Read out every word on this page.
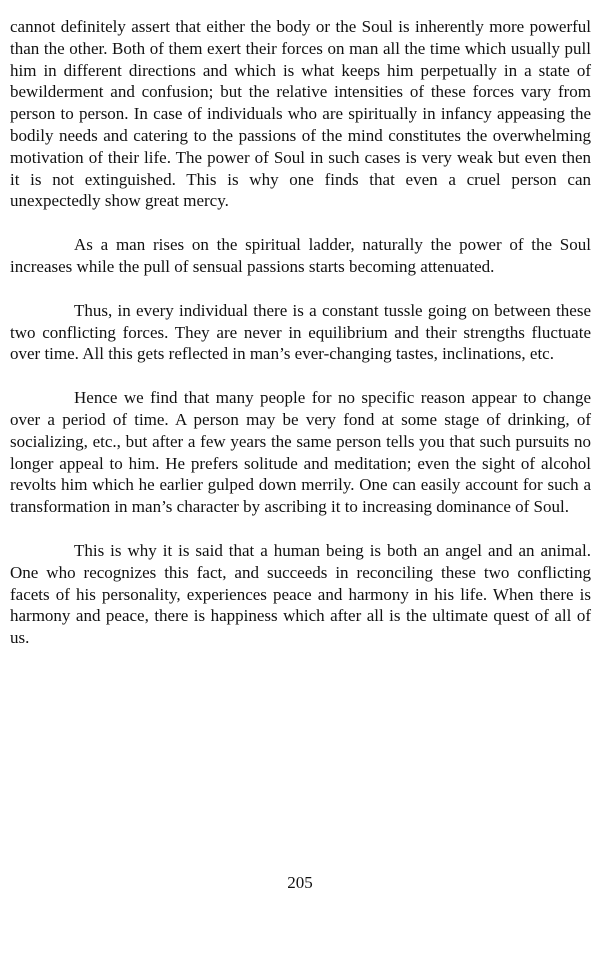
cannot definitely assert that either the body or the Soul is inherently more powerful than the other. Both of them exert their forces on man all the time which usually pull him in different directions and which is what keeps him perpetually in a state of bewilderment and confusion; but the relative intensities of these forces vary from person to person. In case of individuals who are spiritually in infancy appeasing the bodily needs and catering to the passions of the mind constitutes the overwhelming motivation of their life. The power of Soul in such cases is very weak but even then it is not extinguished. This is why one finds that even a cruel person can unexpectedly show great mercy.

As a man rises on the spiritual ladder, naturally the power of the Soul increases while the pull of sensual passions starts becoming attenuated.

Thus, in every individual there is a constant tussle going on between these two conflicting forces. They are never in equilibrium and their strengths fluctuate over time. All this gets reflected in man’s ever-changing tastes, inclinations, etc.

Hence we find that many people for no specific reason appear to change over a period of time. A person may be very fond at some stage of drinking, of socializing, etc., but after a few years the same person tells you that such pursuits no longer appeal to him. He prefers solitude and meditation; even the sight of alcohol revolts him which he earlier gulped down merrily. One can easily account for such a transformation in man’s character by ascribing it to increasing dominance of Soul.

This is why it is said that a human being is both an angel and an animal. One who recognizes this fact, and succeeds in reconciling these two conflicting facets of his personality, experiences peace and harmony in his life. When there is harmony and peace, there is happiness which after all is the ultimate quest of all of us.

205
